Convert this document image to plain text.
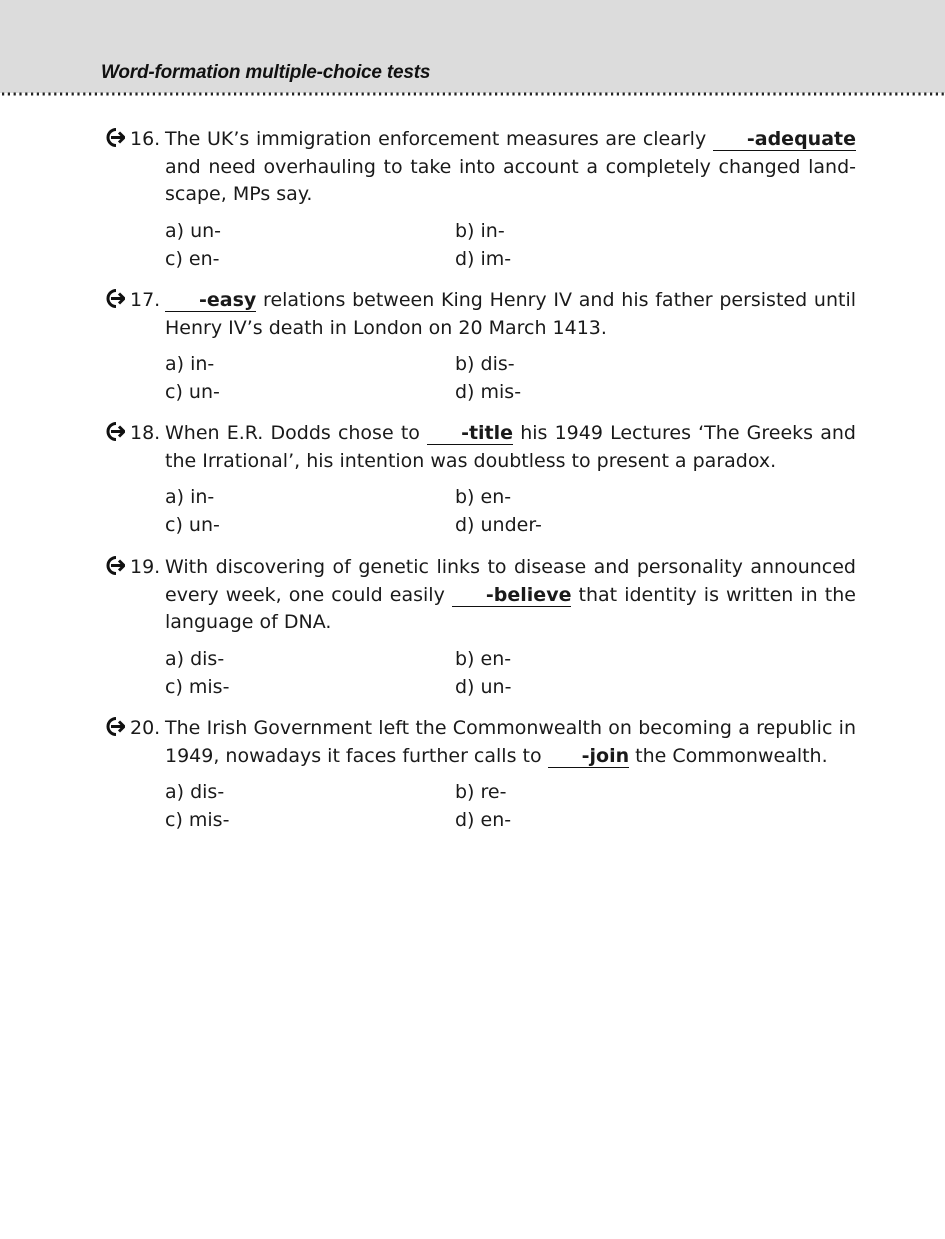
Word-formation multiple-choice tests
16. The UK’s immigration enforcement measures are clearly -adequate and need overhauling to take into account a completely changed land-scape, MPs say.
a) un-	b) in-
c) en-	d) im-
17.	-easy relations between King Henry IV and his father persisted until Henry IV’s death in London on 20 March 1413.
a) in-	b) dis-
c) un-	d) mis-
18. When E.R. Dodds chose to -title his 1949 Lectures ‘The Greeks and the Irrational’, his intention was doubtless to present a paradox.
a) in-	b) en-
c) un-	d) under-
19. With discovering of genetic links to disease and personality announced every week, one could easily -believe that identity is written in the language of DNA.
a) dis-	b) en-
c) mis-	d) un-
20. The Irish Government left the Commonwealth on becoming a republic in 1949, nowadays it faces further calls to -join the Commonwealth.
a) dis-	b) re-
c) mis-	d) en-
